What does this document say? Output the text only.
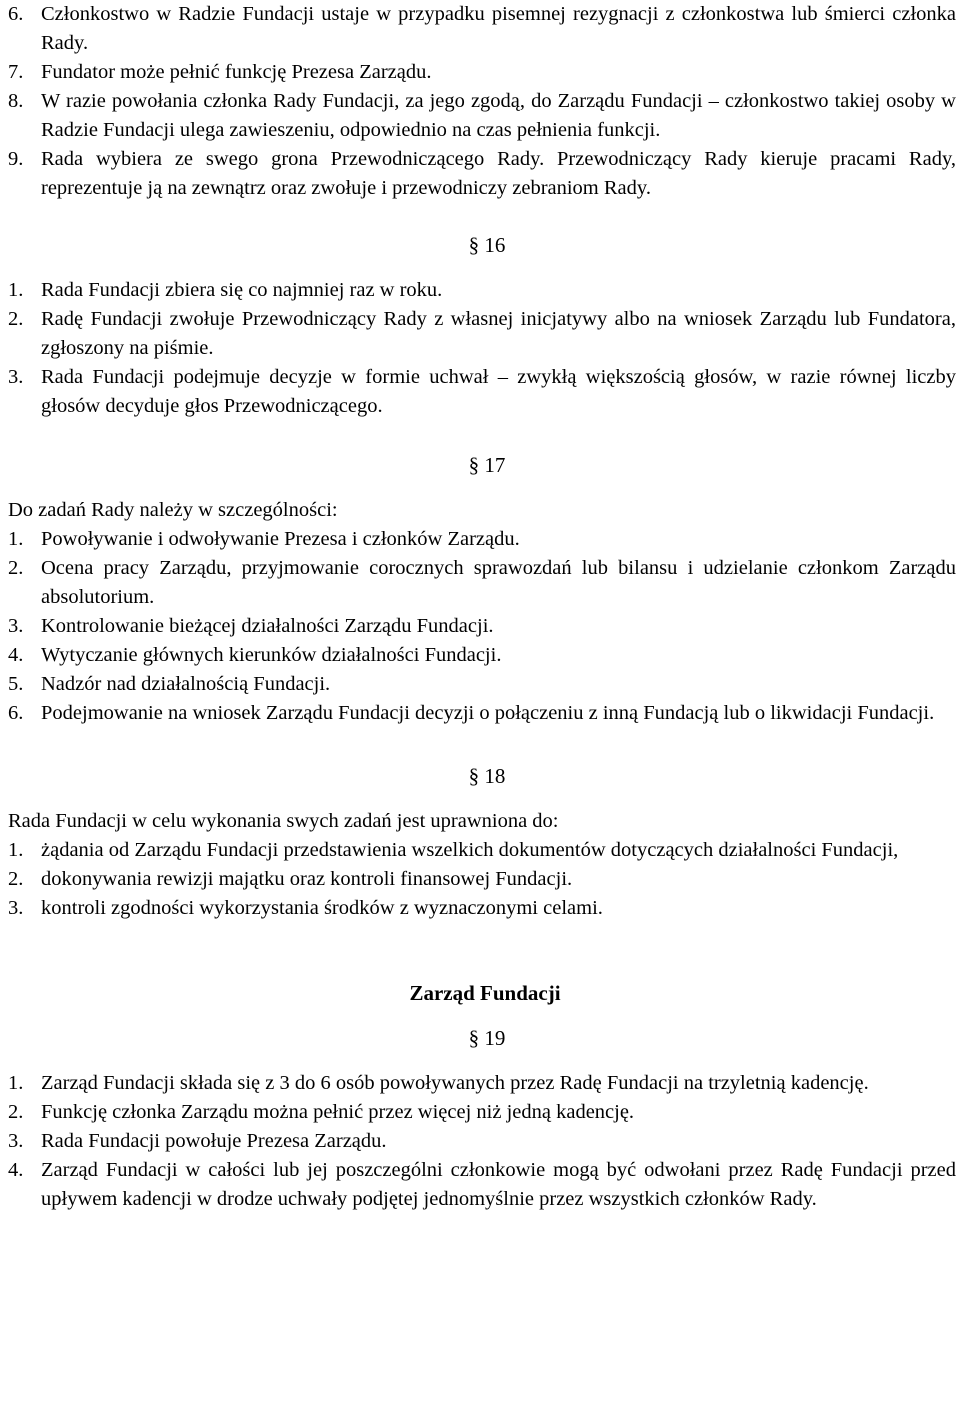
6. Członkostwo w Radzie Fundacji ustaje w przypadku pisemnej rezygnacji z członkostwa lub śmierci członka Rady.
7. Fundator może pełnić funkcję Prezesa Zarządu.
8. W razie powołania członka Rady Fundacji, za jego zgodą, do Zarządu Fundacji – członkostwo takiej osoby w Radzie Fundacji ulega zawieszeniu, odpowiednio na czas pełnienia funkcji.
9. Rada wybiera ze swego grona Przewodniczącego Rady. Przewodniczący Rady kieruje pracami Rady, reprezentuje ją na zewnątrz oraz zwołuje i przewodniczy zebraniom Rady.
§ 16
1. Rada Fundacji zbiera się co najmniej raz w roku.
2. Radę Fundacji zwołuje Przewodniczący Rady z własnej inicjatywy albo na wniosek Zarządu lub Fundatora, zgłoszony na piśmie.
3. Rada Fundacji podejmuje decyzje w formie uchwał – zwykłą większością głosów, w razie równej liczby głosów decyduje głos Przewodniczącego.
§ 17
Do zadań Rady należy w szczególności:
1. Powoływanie i odwoływanie Prezesa i członków Zarządu.
2. Ocena pracy Zarządu, przyjmowanie corocznych sprawozdań lub bilansu i udzielanie członkom Zarządu absolutorium.
3. Kontrolowanie bieżącej działalności Zarządu Fundacji.
4. Wytyczanie głównych kierunków działalności Fundacji.
5. Nadzór nad działalnością Fundacji.
6. Podejmowanie na wniosek Zarządu Fundacji decyzji o połączeniu z inną Fundacją lub o likwidacji Fundacji.
§ 18
Rada Fundacji w celu wykonania swych zadań jest uprawniona do:
1. żądania od Zarządu Fundacji przedstawienia wszelkich dokumentów dotyczących działalności Fundacji,
2. dokonywania rewizji majątku oraz kontroli finansowej Fundacji.
3. kontroli zgodności wykorzystania środków z wyznaczonymi celami.
Zarząd Fundacji
§ 19
1. Zarząd Fundacji składa się z 3 do 6 osób powoływanych przez Radę Fundacji na trzyletnią kadencję.
2. Funkcję członka Zarządu można pełnić przez więcej niż jedną kadencję.
3. Rada Fundacji powołuje Prezesa Zarządu.
4. Zarząd Fundacji w całości lub jej poszczególni członkowie mogą być odwołani przez Radę Fundacji przed upływem kadencji w drodze uchwały podjętej jednomyślnie przez wszystkich członków Rady.
